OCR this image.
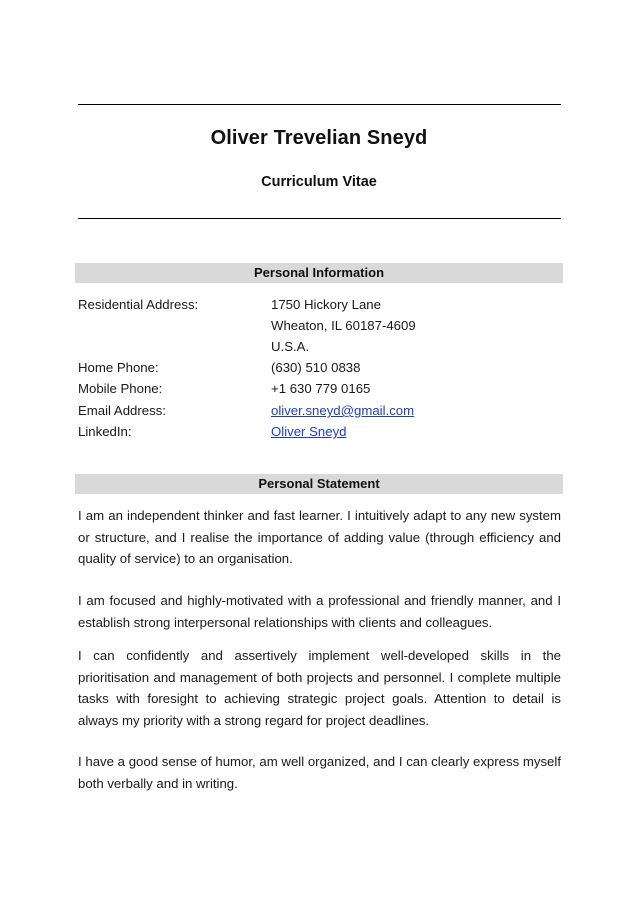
Oliver Trevelian Sneyd
Curriculum Vitae
Personal Information
Residential Address:	1750 Hickory Lane
Wheaton, IL 60187-4609
U.S.A.
Home Phone:	(630) 510 0838
Mobile Phone:	+1 630 779 0165
Email Address:	oliver.sneyd@gmail.com
LinkedIn:	Oliver Sneyd
Personal Statement
I am an independent thinker and fast learner. I intuitively adapt to any new system or structure, and I realise the importance of adding value (through efficiency and quality of service) to an organisation.
I am focused and highly-motivated with a professional and friendly manner, and I establish strong interpersonal relationships with clients and colleagues.
I can confidently and assertively implement well-developed skills in the prioritisation and management of both projects and personnel. I complete multiple tasks with foresight to achieving strategic project goals. Attention to detail is always my priority with a strong regard for project deadlines.
I have a good sense of humor, am well organized, and I can clearly express myself both verbally and in writing.
